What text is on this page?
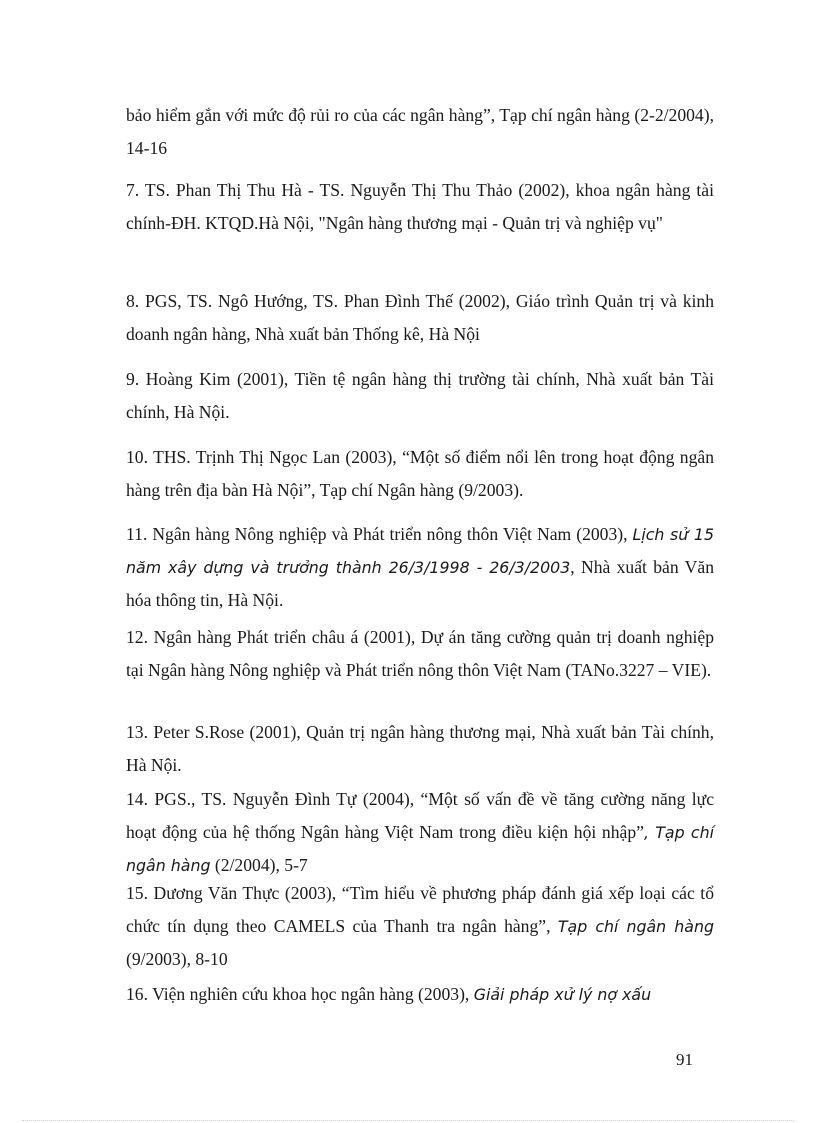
bảo hiểm gắn với mức độ rủi ro của các ngân hàng”, Tạp chí ngân hàng (2-2/2004), 14-16

7. TS. Phan Thị Thu Hà - TS. Nguyễn Thị Thu Thảo (2002), khoa ngân hàng tài chính-ĐH. KTQD.Hà Nội, "Ngân hàng thương mại - Quản trị và nghiệp vụ"

8. PGS, TS. Ngô Hướng, TS. Phan Đình Thế (2002), Giáo trình Quản trị và kinh doanh ngân hàng, Nhà xuất bản Thống kê, Hà Nội

9. Hoàng Kim (2001), Tiền tệ ngân hàng thị trường tài chính, Nhà xuất bản Tài chính, Hà Nội.

10. THS. Trịnh Thị Ngọc Lan (2003), “Một số điểm nổi lên trong hoạt động ngân hàng trên địa bàn Hà Nội”, Tạp chí Ngân hàng (9/2003).

11. Ngân hàng Nông nghiệp và Phát triển nông thôn Việt Nam (2003), Lịch sử 15 năm xây dựng và trưởng thành 26/3/1998 - 26/3/2003, Nhà xuất bản Văn hóa thông tin, Hà Nội.

12. Ngân hàng Phát triển châu á (2001), Dự án tăng cường quản trị doanh nghiệp tại Ngân hàng Nông nghiệp và Phát triển nông thôn Việt Nam (TANo.3227 – VIE).

13. Peter S.Rose (2001), Quản trị ngân hàng thương mại, Nhà xuất bản Tài chính, Hà Nội.

14. PGS., TS. Nguyễn Đình Tự (2004), “Một số vấn đề về tăng cường năng lực hoạt động của hệ thống Ngân hàng Việt Nam trong điều kiện hội nhập”, Tạp chí ngân hàng (2/2004), 5-7

15. Dương Văn Thực (2003), “Tìm hiểu về phương pháp đánh giá xếp loại các tổ chức tín dụng theo CAMELS của Thanh tra ngân hàng”, Tạp chí ngân hàng (9/2003), 8-10

16. Viện nghiên cứu khoa học ngân hàng (2003), Giải pháp xử lý nợ xấu

91
